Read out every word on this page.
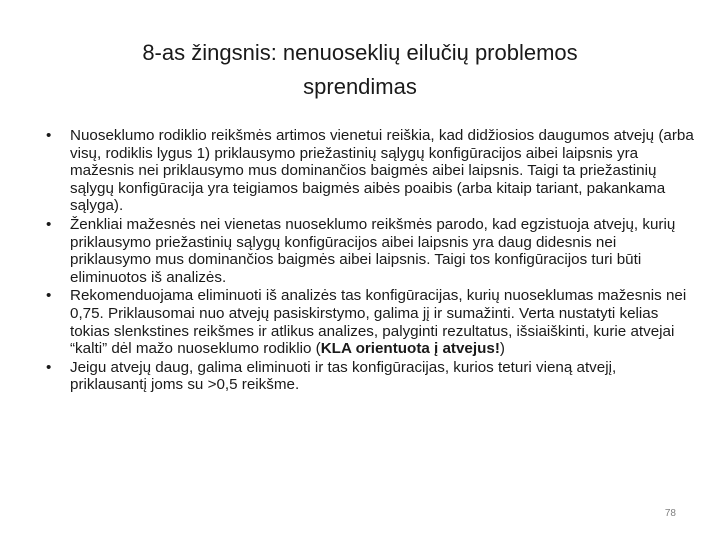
8-as žingsnis: nenuoseklių eilučių problemos
sprendimas
•	Nuoseklumo rodiklio reikšmės artimos vienetui reiškia, kad didžiosios daugumos atvejų (arba visų, rodiklis lygus 1) priklausymo priežastinių sąlygų konfigūracijos aibei laipsnis yra mažesnis nei priklausymo mus dominančios baigmės aibei laipsnis. Taigi ta priežastinių sąlygų konfigūracija yra teigiamos baigmės aibės poaibis (arba kitaip tariant, pakankama sąlyga).
•	Ženkliai mažesnės nei vienetas nuoseklumo reikšmės parodo, kad egzistuoja atvejų, kurių priklausymo priežastinių sąlygų konfigūracijos aibei laipsnis yra daug didesnis nei priklausymo mus dominančios baigmės aibei laipsnis. Taigi tos konfigūracijos turi būti eliminuotos iš analizės.
•	Rekomenduojama eliminuoti iš analizės tas konfigūracijas, kurių nuoseklumas mažesnis nei 0,75. Priklausomai nuo atvejų pasiskirstymo, galima jį ir sumažinti. Verta nustatyti kelias tokias slenkstines reikšmes ir atlikus analizes, palyginti rezultatus, išsiaiškinti, kurie atvejai “kalti” dėl mažo nuoseklumo rodiklio (KLA orientuota į atvejus!)
•	Jeigu atvejų daug, galima eliminuoti ir tas konfigūracijas, kurios teturi vieną atvejį, priklausantį joms su >0,5 reikšme.
78
